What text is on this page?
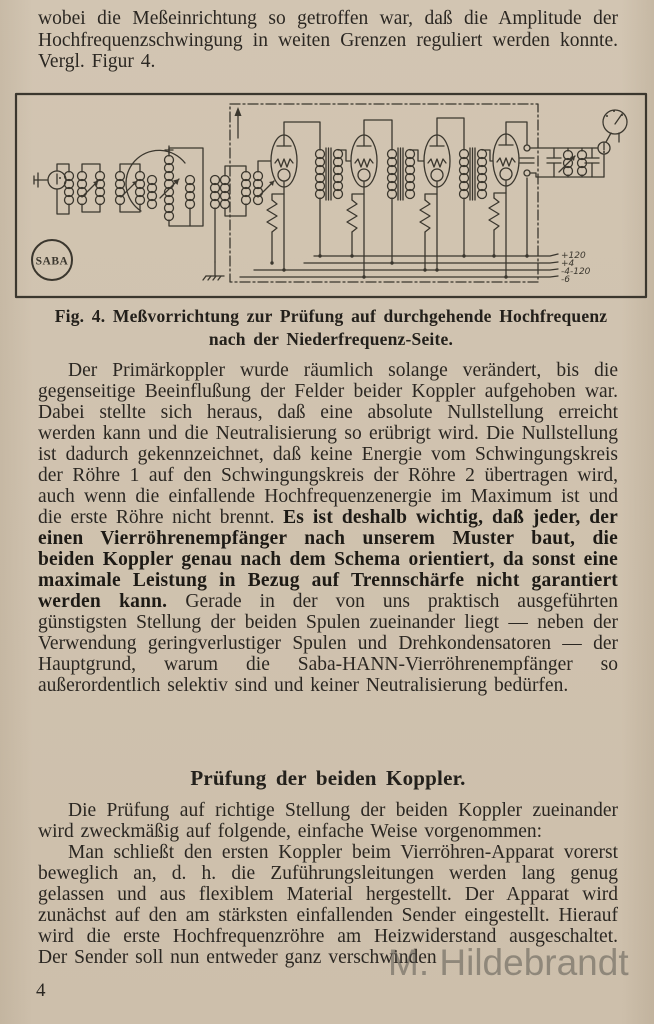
wobei die Meßeinrichtung so getroffen war, daß die Amplitude der Hochfrequenzschwingung in weiten Grenzen reguliert werden konnte. Vergl. Figur 4.

SABA	+120
+4
-4-120
-6
Fig. 4. Meßvorrichtung zur Prüfung auf durchgehende Hochfrequenz
nach der Niederfrequenz-Seite.

Der Primärkoppler wurde räumlich solange verändert, bis die gegenseitige Beeinflußung der Felder beider Koppler aufgehoben war. Dabei stellte sich heraus, daß eine absolute Nullstellung erreicht werden kann und die Neutralisierung so erübrigt wird. Die Nullstellung ist dadurch gekennzeichnet, daß keine Energie vom Schwingungskreis der Röhre 1 auf den Schwingungskreis der Röhre 2 übertragen wird, auch wenn die einfallende Hochfrequenzenergie im Maximum ist und die erste Röhre nicht brennt. Es ist deshalb wichtig, daß jeder, der einen Vierröhrenempfänger nach unserem Muster baut, die beiden Koppler genau nach dem Schema orientiert, da sonst eine maximale Leistung in Bezug auf Trennschärfe nicht garantiert werden kann. Gerade in der von uns praktisch ausgeführten günstigsten Stellung der beiden Spulen zueinander liegt — neben der Verwendung geringverlustiger Spulen und Drehkondensatoren — der Hauptgrund, warum die Saba-HANN-Vierröhrenempfänger so außerordentlich selektiv sind und keiner Neutralisierung bedürfen.

Prüfung der beiden Koppler.

Die Prüfung auf richtige Stellung der beiden Koppler zueinander wird zweckmäßig auf folgende, einfache Weise vorgenommen:

Man schließt den ersten Koppler beim Vierröhren-Apparat vorerst beweglich an, d. h. die Zuführungsleitungen werden lang genug gelassen und aus flexiblem Material hergestellt. Der Apparat wird zunächst auf den am stärksten einfallenden Sender eingestellt. Hierauf wird die erste Hochfrequenzröhre am Heizwiderstand ausgeschaltet. Der Sender soll nun entweder ganz verschwinden

M. Hildebrandt
4
